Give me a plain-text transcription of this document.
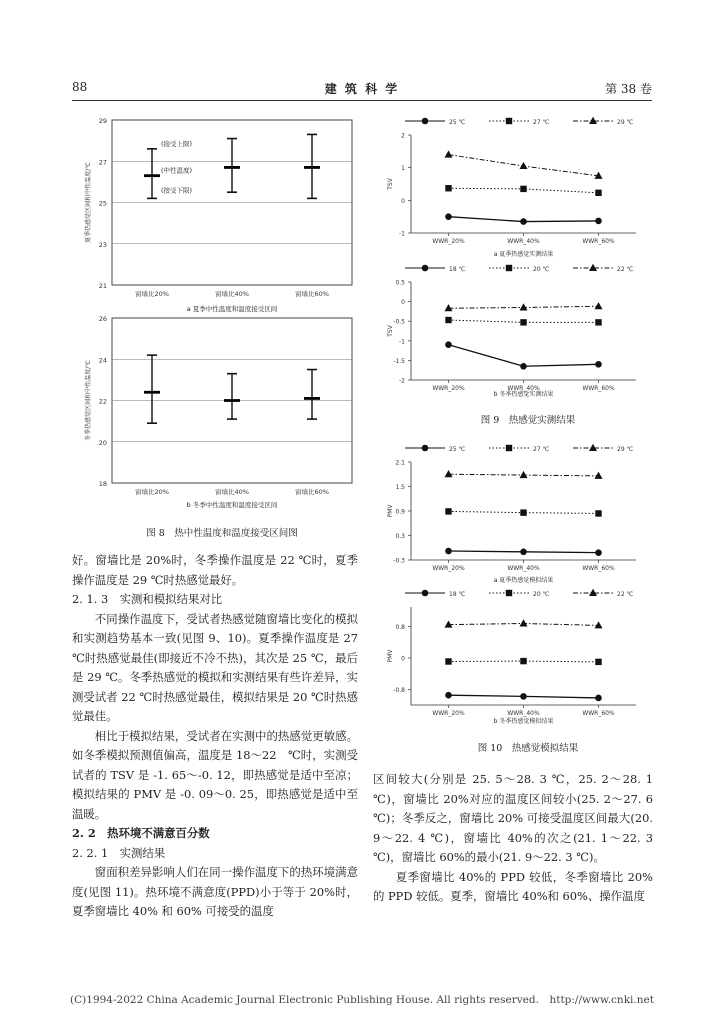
88	建 筑 科 学	第 38 卷
29
27
25
23
21
夏季热感觉区间和中性温度/℃
窗墙比20%	窗墙比40%	窗墙比60%
(接受上限)
(中性温度)
(接受下限)
a 夏季中性温度和温度接受区间
26
24
22
20
18
冬季热感觉区间和中性温度/℃
窗墙比20%	窗墙比40%	窗墙比60%
b 冬季中性温度和温度接受区间
图 8　热中性温度和温度接受区间图
25 ℃	27 ℃	29 ℃
2
1
0
-1
TSV
WWR_20%	WWR_40%	WWR_60%
a 夏季热感觉实测结果
18 ℃	20 ℃	22 ℃
0.5
0
-0.5
-1
-1.5
-2
TSV
WWR_20%	WWR_40%	WWR_60%
b 冬季热感觉实测结果
图 9　热感觉实测结果
25 ℃	27 ℃	29 ℃
2.1
1.5
0.9
0.3
-0.3
PMV
WWR_20%	WWR_40%	WWR_60%
a 夏季热感觉模拟结果
18 ℃	20 ℃	22 ℃
0.8
0
-0.8
PMV
WWR_20%	WWR_40%	WWR_60%
b 冬季热感觉模拟结果
图 10　热感觉模拟结果

好。窗墙比是 20%时，冬季操作温度是 22 ℃时，夏季操作温度是 29 ℃时热感觉最好。

2. 1. 3　实测和模拟结果对比

不同操作温度下，受试者热感觉随窗墙比变化的模拟和实测趋势基本一致(见图 9、10)。夏季操作温度是 27 ℃时热感觉最佳(即接近不冷不热)，其次是 25 ℃，最后是 29 ℃。冬季热感觉的模拟和实测结果有些许差异，实测受试者 22 ℃时热感觉最佳，模拟结果是 20 ℃时热感觉最佳。

相比于模拟结果，受试者在实测中的热感觉更敏感。如冬季模拟预测值偏高，温度是 18～22　℃时，实测受试者的 TSV 是 -1. 65～-0. 12，即热感觉是适中至凉；模拟结果的 PMV 是 -0. 09～0. 25，即热感觉是适中至温暖。

2. 2　热环境不满意百分数

2. 2. 1　实测结果

窗面积差异影响人们在同一操作温度下的热环境满意度(见图 11)。热环境不满意度(PPD)小于等于 20%时，夏季窗墙比 40% 和 60% 可接受的温度

区间较大(分别是 25. 5～28. 3 ℃，25. 2～28. 1 ℃)，窗墙比 20%对应的温度区间较小(25. 2～27. 6 ℃)；冬季反之，窗墙比 20% 可接受温度区间最大(20. 9～22. 4 ℃)，窗墙比 40%的次之(21. 1～22. 3 ℃)，窗墙比 60%的最小(21. 9～22. 3 ℃)。

夏季窗墙比 40%的 PPD 较低，冬季窗墙比 20%的 PPD 较低。夏季，窗墙比 40%和 60%、操作温度

(C)1994-2022 China Academic Journal Electronic Publishing House. All rights reserved.　http://www.cnki.net
